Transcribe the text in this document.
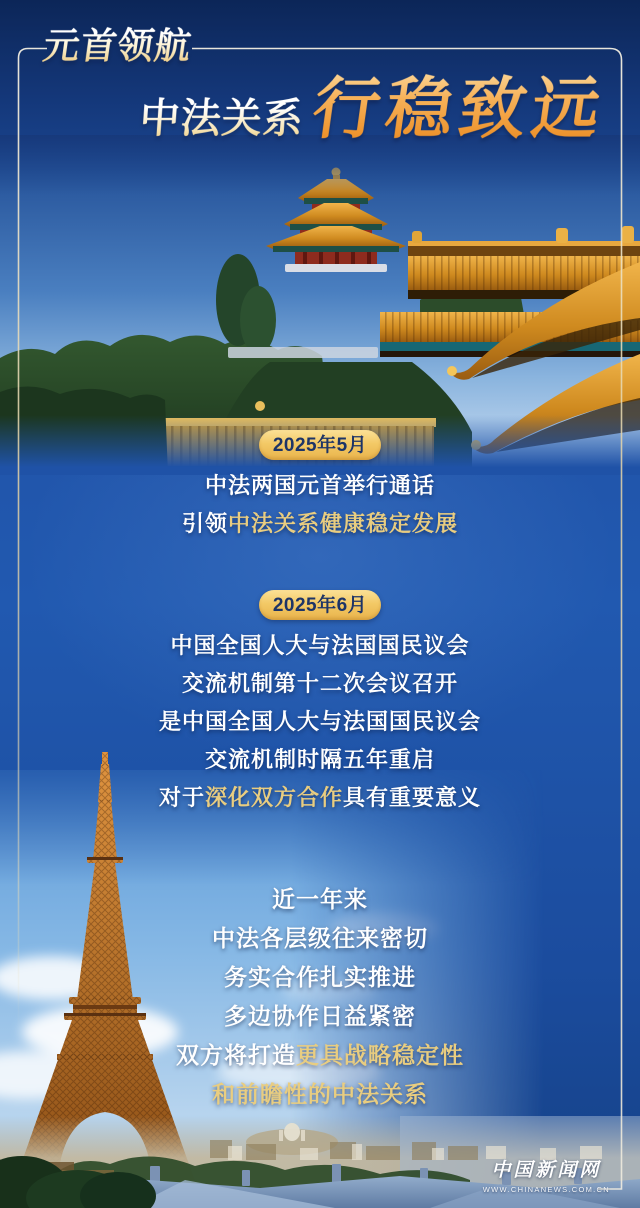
元首领航
中法关系 行稳致远
2025年5月

中法两国元首举行通话

引领中法关系健康稳定发展

2025年6月

中国全国人大与法国国民议会

交流机制第十二次会议召开

是中国全国人大与法国国民议会

交流机制时隔五年重启

对于深化双方合作具有重要意义

近一年来

中法各层级往来密切

务实合作扎实推进

多边协作日益紧密

双方将打造更具战略稳定性

和前瞻性的中法关系

中国新闻网
WWW.CHINANEWS.COM.CN
